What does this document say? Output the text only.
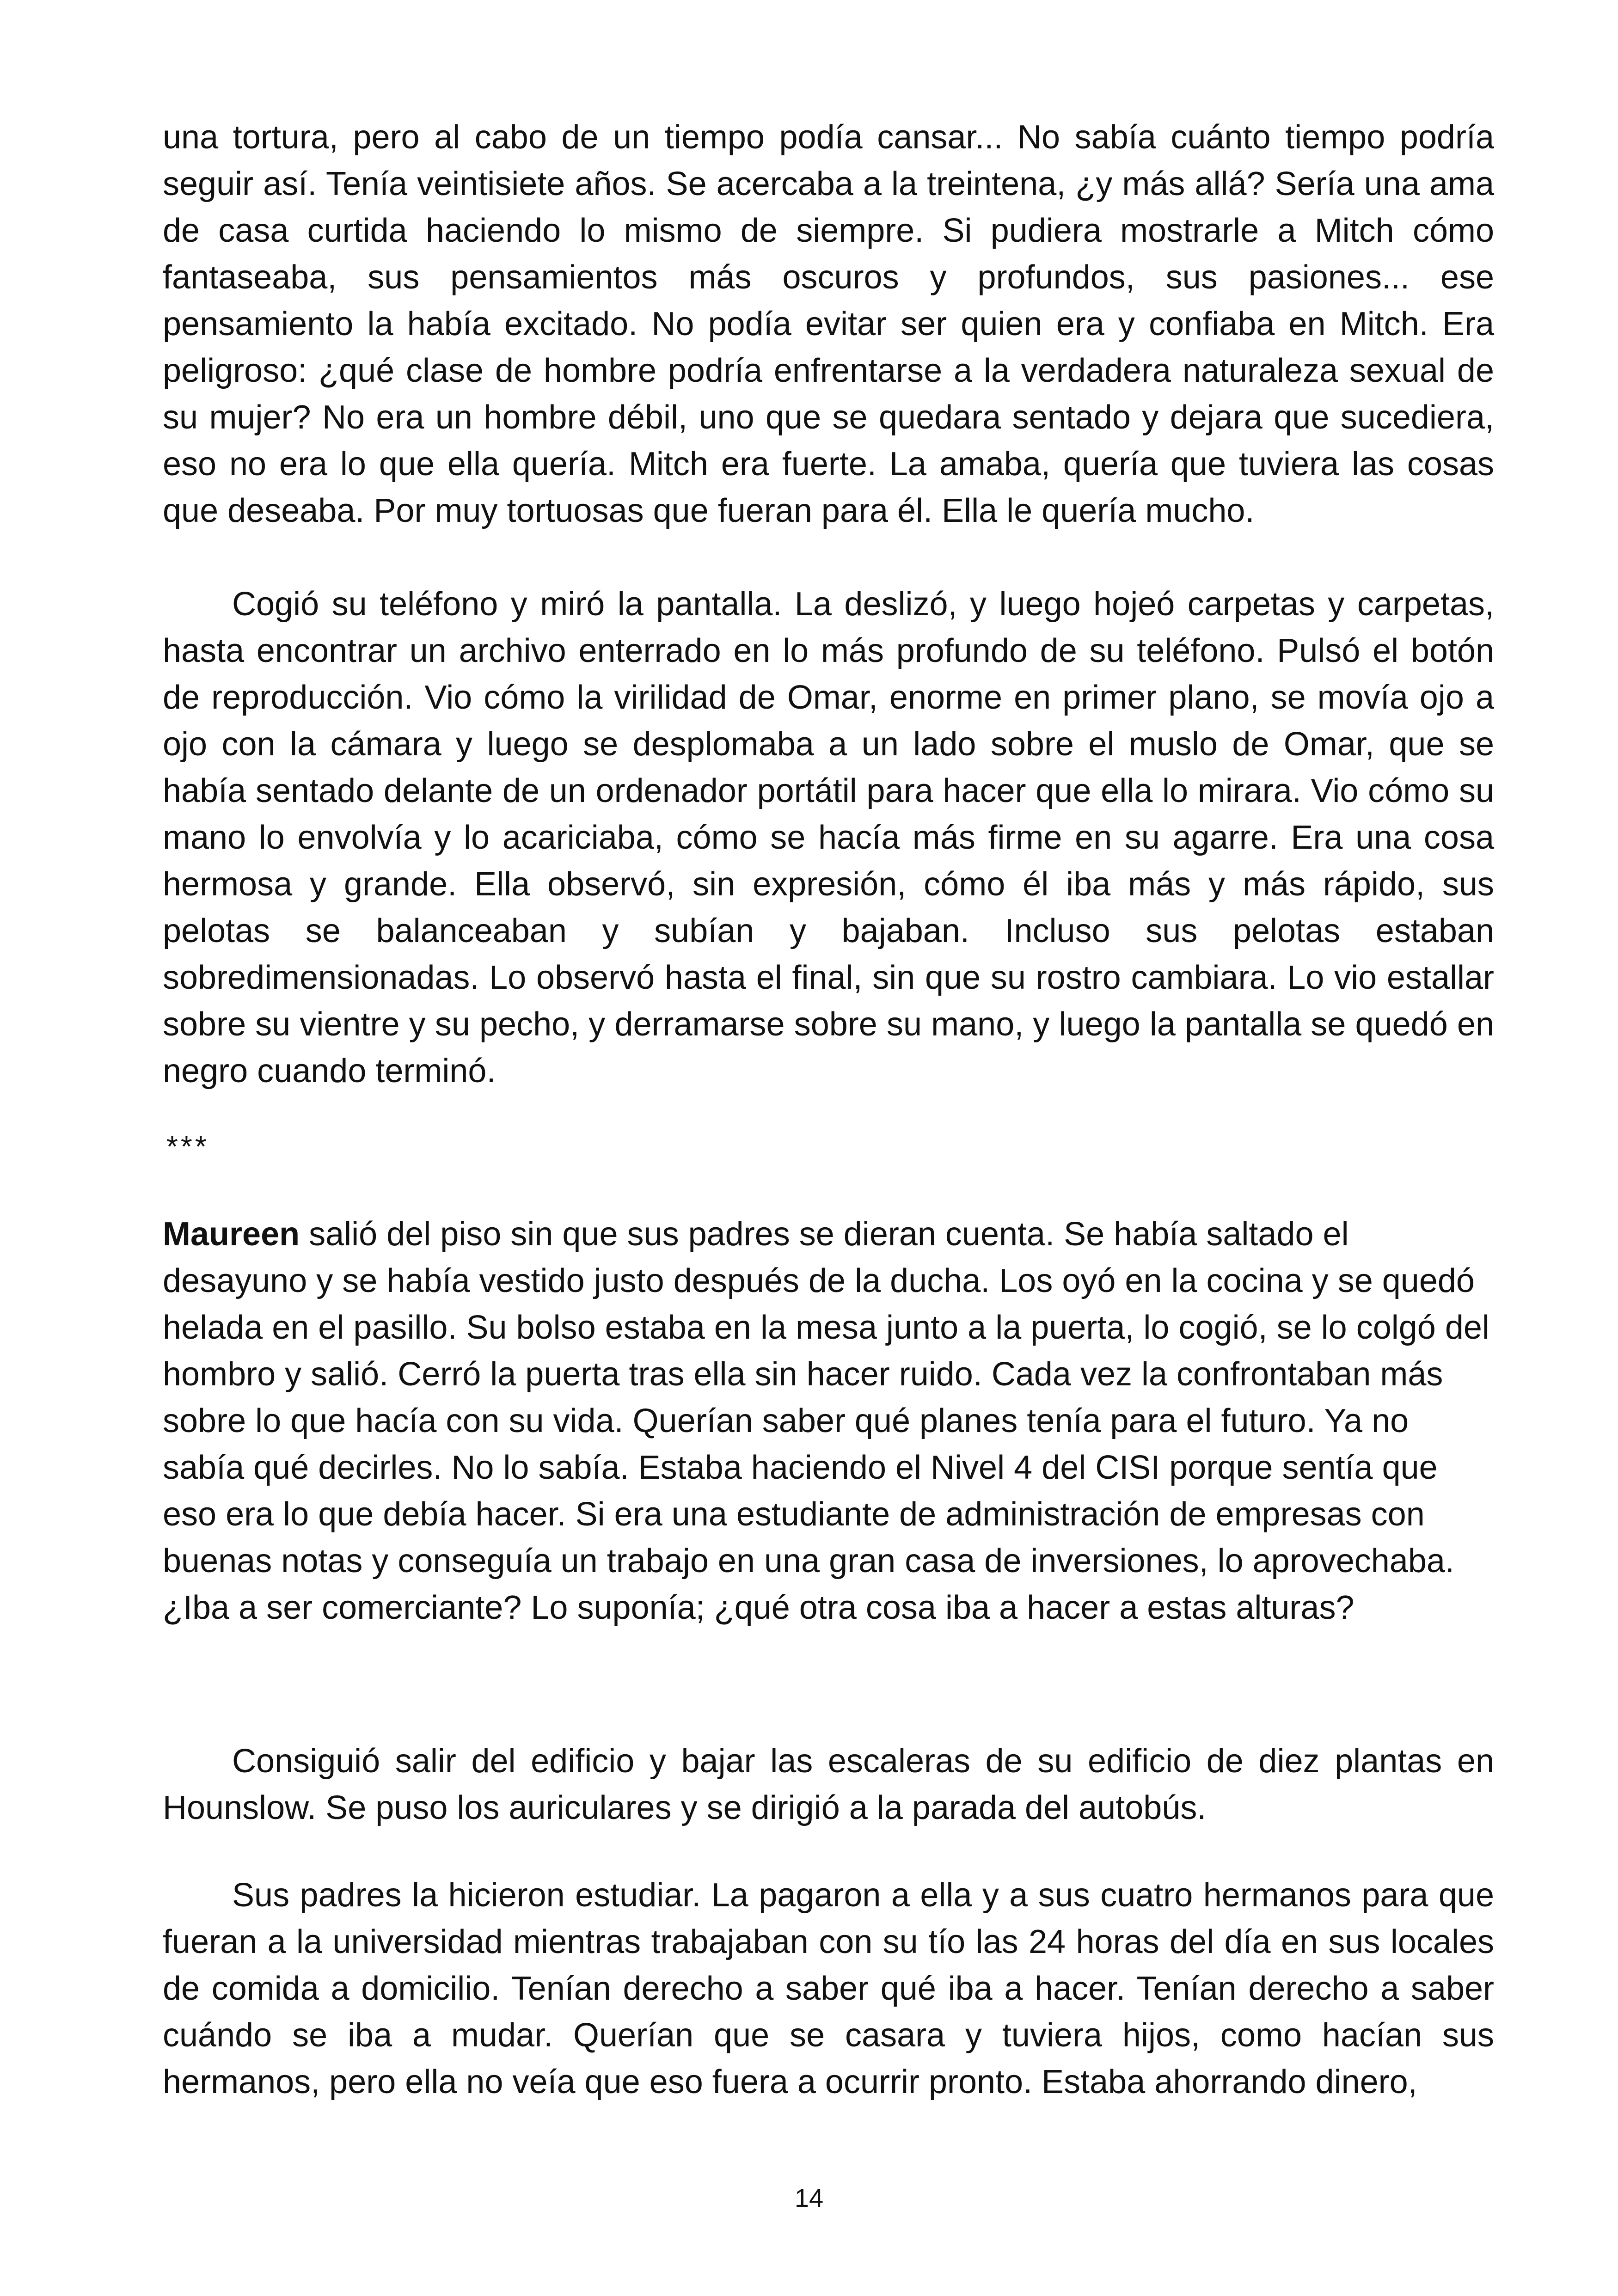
una tortura, pero al cabo de un tiempo podía cansar... No sabía cuánto tiempo podría seguir así. Tenía veintisiete años. Se acercaba a la treintena, ¿y más allá? Sería una ama de casa curtida haciendo lo mismo de siempre. Si pudiera mostrarle a Mitch cómo fantaseaba, sus pensamientos más oscuros y profundos, sus pasiones... ese pensamiento la había excitado. No podía evitar ser quien era y confiaba en Mitch. Era peligroso: ¿qué clase de hombre podría enfrentarse a la verdadera naturaleza sexual de su mujer? No era un hombre débil, uno que se quedara sentado y dejara que sucediera, eso no era lo que ella quería. Mitch era fuerte. La amaba, quería que tuviera las cosas que deseaba. Por muy tortuosas que fueran para él. Ella le quería mucho.

Cogió su teléfono y miró la pantalla. La deslizó, y luego hojeó carpetas y carpetas, hasta encontrar un archivo enterrado en lo más profundo de su teléfono. Pulsó el botón de reproducción. Vio cómo la virilidad de Omar, enorme en primer plano, se movía ojo a ojo con la cámara y luego se desplomaba a un lado sobre el muslo de Omar, que se había sentado delante de un ordenador portátil para hacer que ella lo mirara. Vio cómo su mano lo envolvía y lo acariciaba, cómo se hacía más firme en su agarre. Era una cosa hermosa y grande. Ella observó, sin expresión, cómo él iba más y más rápido, sus pelotas se balanceaban y subían y bajaban. Incluso sus pelotas estaban sobredimensionadas. Lo observó hasta el final, sin que su rostro cambiara. Lo vio estallar sobre su vientre y su pecho, y derramarse sobre su mano, y luego la pantalla se quedó en negro cuando terminó.

***

Maureen salió del piso sin que sus padres se dieran cuenta. Se había saltado el desayuno y se había vestido justo después de la ducha. Los oyó en la cocina y se quedó helada en el pasillo. Su bolso estaba en la mesa junto a la puerta, lo cogió, se lo colgó del hombro y salió. Cerró la puerta tras ella sin hacer ruido. Cada vez la confrontaban más sobre lo que hacía con su vida. Querían saber qué planes tenía para el futuro. Ya no sabía qué decirles. No lo sabía. Estaba haciendo el Nivel 4 del CISI porque sentía que eso era lo que debía hacer. Si era una estudiante de administración de empresas con buenas notas y conseguía un trabajo en una gran casa de inversiones, lo aprovechaba. ¿Iba a ser comerciante? Lo suponía; ¿qué otra cosa iba a hacer a estas alturas?

Consiguió salir del edificio y bajar las escaleras de su edificio de diez plantas en Hounslow. Se puso los auriculares y se dirigió a la parada del autobús.

Sus padres la hicieron estudiar. La pagaron a ella y a sus cuatro hermanos para que fueran a la universidad mientras trabajaban con su tío las 24 horas del día en sus locales de comida a domicilio. Tenían derecho a saber qué iba a hacer. Tenían derecho a saber cuándo se iba a mudar. Querían que se casara y tuviera hijos, como hacían sus hermanos, pero ella no veía que eso fuera a ocurrir pronto. Estaba ahorrando dinero,

14
